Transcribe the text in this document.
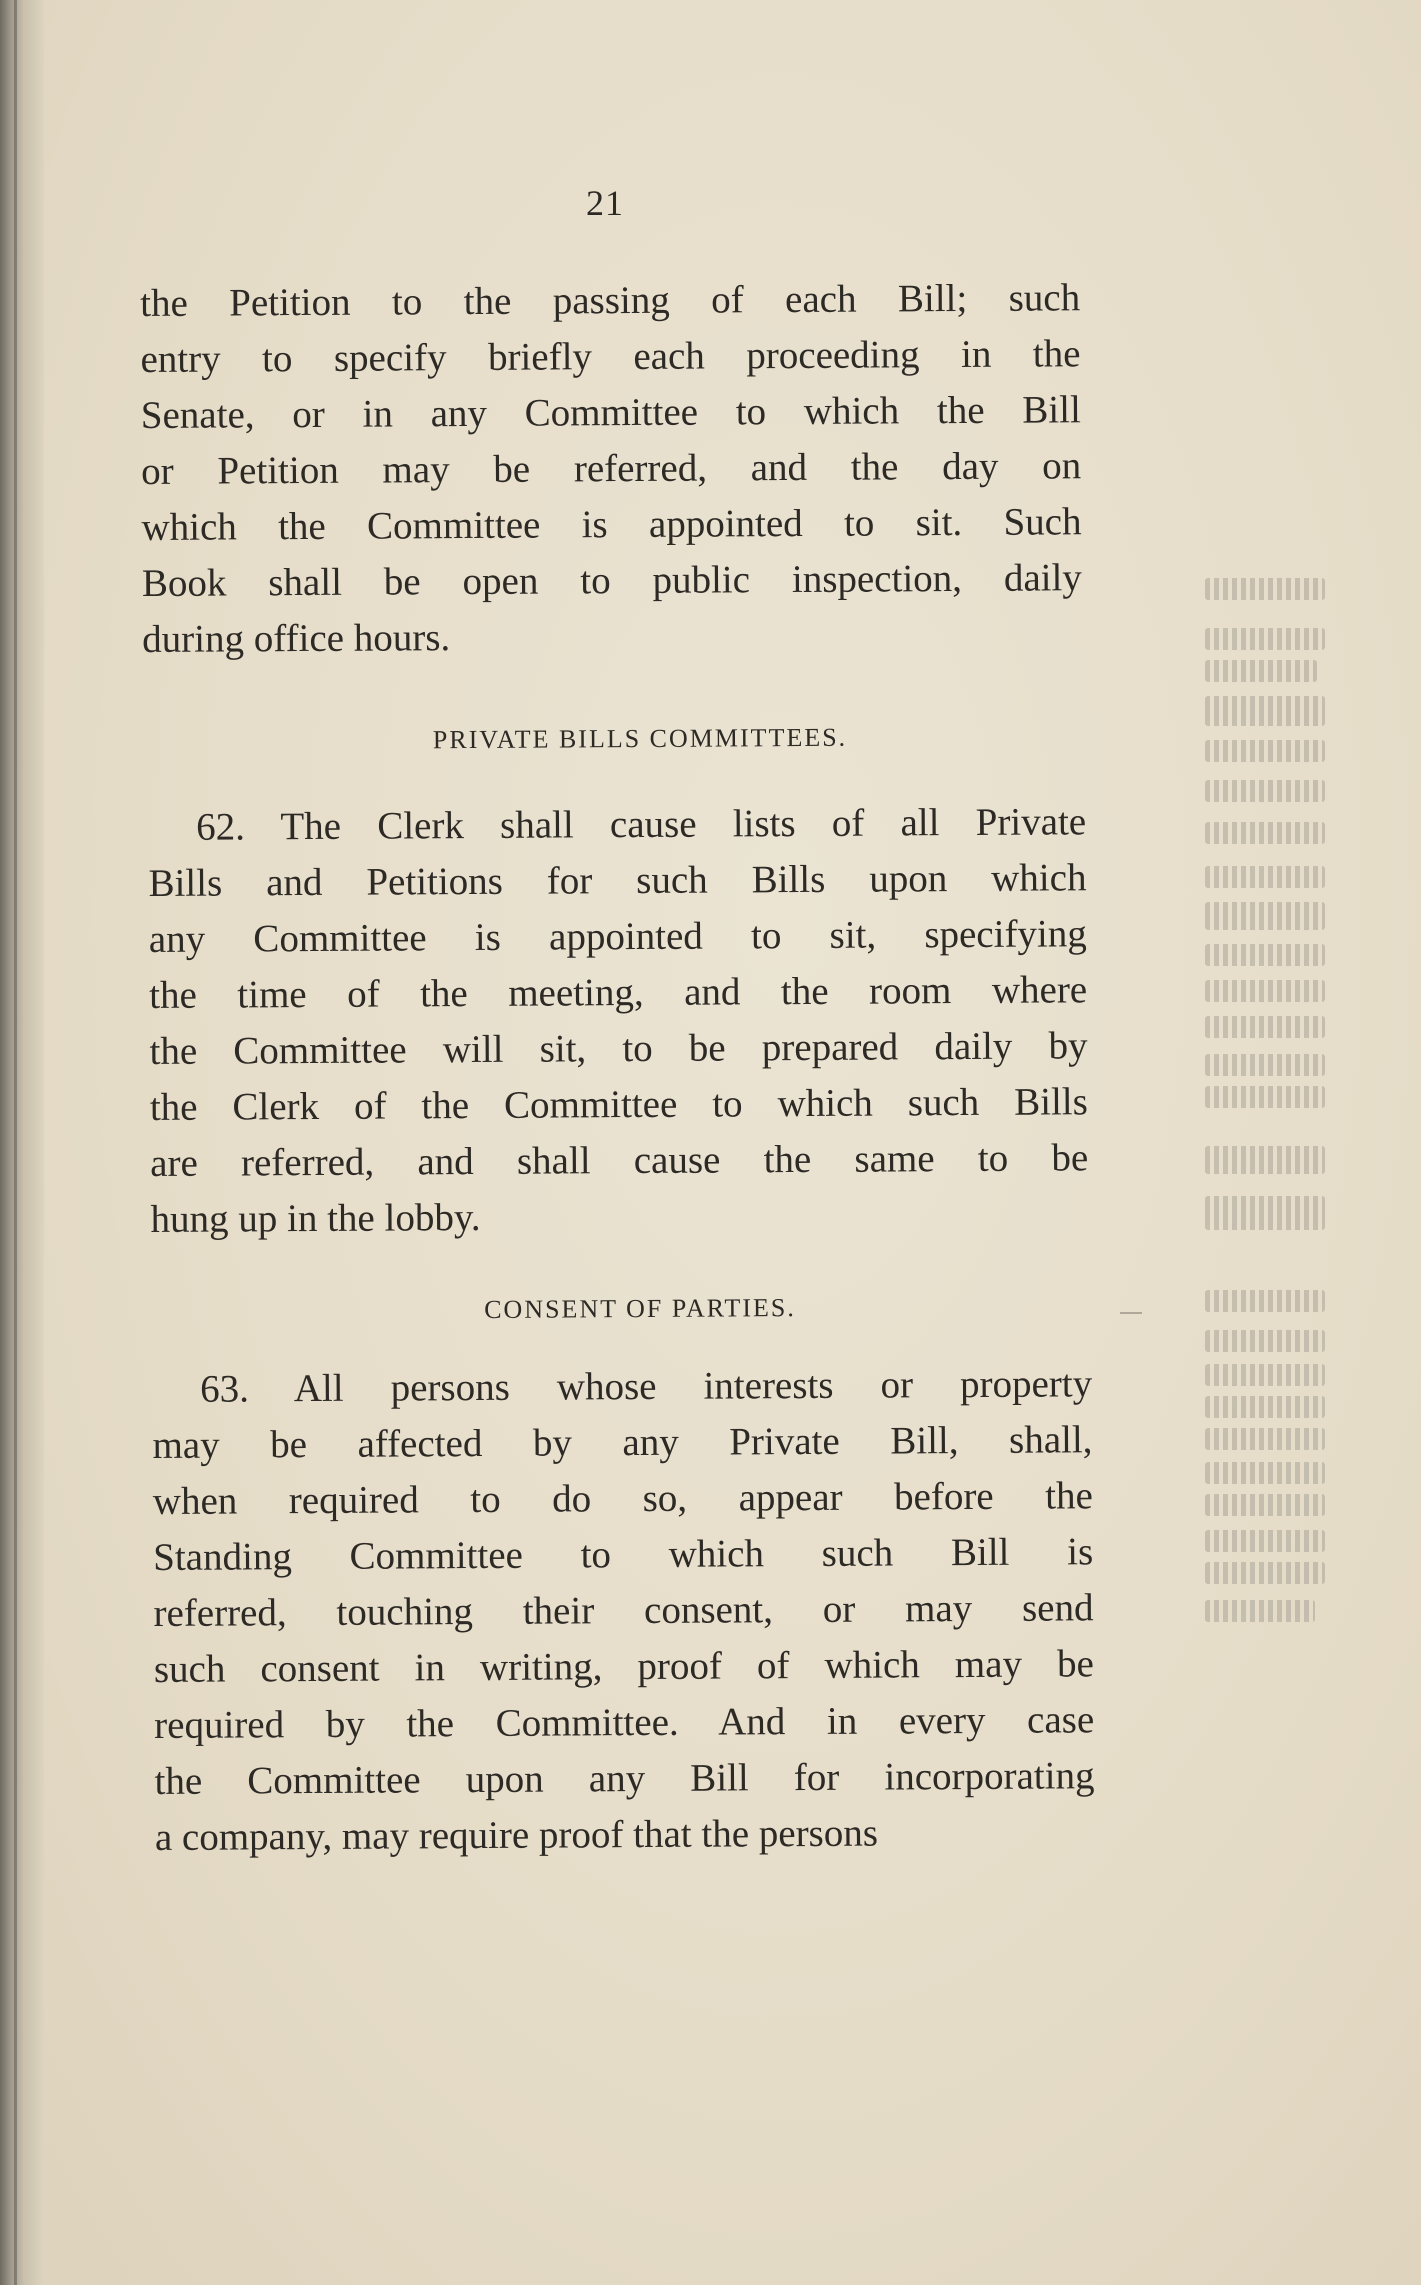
21
the Petition to the passing of each Bill; such
entry to specify briefly each proceeding in the
Senate, or in any Committee to which the Bill
or Petition may be referred, and the day on
which the Committee is appointed to sit. Such
Book shall be open to public inspection, daily
during office hours.
PRIVATE BILLS COMMITTEES.
62. The Clerk shall cause lists of all Private
Bills and Petitions for such Bills upon which
any Committee is appointed to sit, specifying
the time of the meeting, and the room where
the Committee will sit, to be prepared daily by
the Clerk of the Committee to which such Bills
are referred, and shall cause the same to be
hung up in the lobby.
CONSENT OF PARTIES.
63. All persons whose interests or property
may be affected by any Private Bill, shall,
when required to do so, appear before the
Standing Committee to which such Bill is
referred, touching their consent, or may send
such consent in writing, proof of which may be
required by the Committee. And in every case
the Committee upon any Bill for incorporating
a company, may require proof that the persons
